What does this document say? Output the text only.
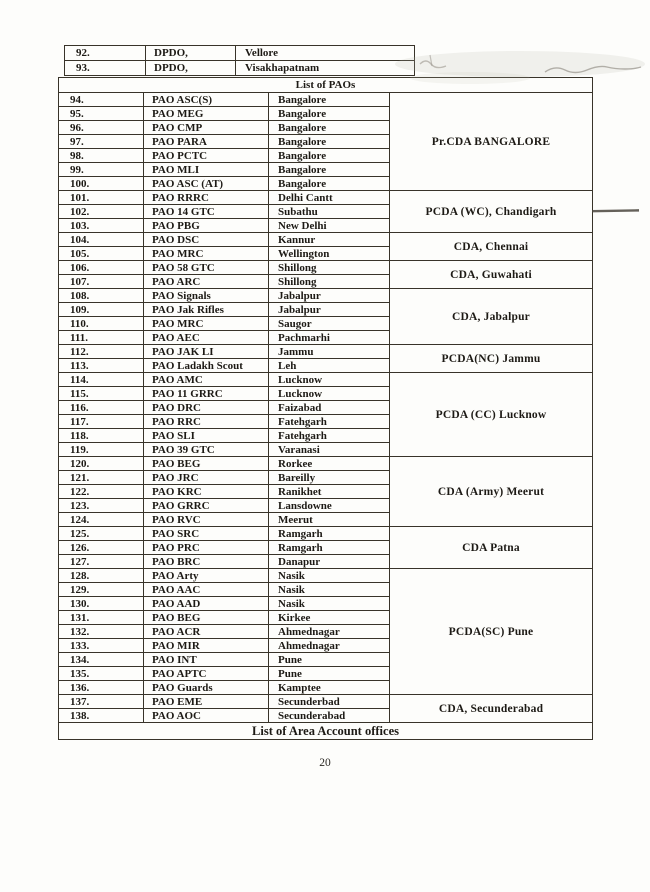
92.	DPDO,	Vellore
93.	DPDO,	Visakhapatnam
List of PAOs			
94.	PAO ASC(S)	Bangalore	Pr.CDA BANGALORE
95.	PAO MEG	Bangalore	
96.	PAO CMP	Bangalore	
97.	PAO PARA	Bangalore	
98.	PAO PCTC	Bangalore	
99.	PAO MLI	Bangalore	
100.	PAO ASC (AT)	Bangalore	
101.	PAO RRRC	Delhi Cantt	PCDA (WC), Chandigarh
102.	PAO 14 GTC	Subathu	
103.	PAO PBG	New Delhi	
104.	PAO DSC	Kannur	CDA, Chennai
105.	PAO MRC	Wellington	
106.	PAO 58 GTC	Shillong	CDA, Guwahati
107.	PAO ARC	Shillong	
108.	PAO Signals	Jabalpur	CDA, Jabalpur
109.	PAO Jak Rifles	Jabalpur	
110.	PAO MRC	Saugor	
111.	PAO AEC	Pachmarhi	
112.	PAO JAK LI	Jammu	PCDA(NC) Jammu
113.	PAO Ladakh Scout	Leh	
114.	PAO AMC	Lucknow	PCDA (CC) Lucknow
115.	PAO 11 GRRC	Lucknow	
116.	PAO DRC	Faizabad	
117.	PAO RRC	Fatehgarh	
118.	PAO SLI	Fatehgarh	
119.	PAO 39 GTC	Varanasi	
120.	PAO BEG	Rorkee	CDA (Army) Meerut
121.	PAO JRC	Bareilly	
122.	PAO KRC	Ranikhet	
123.	PAO GRRC	Lansdowne	
124.	PAO RVC	Meerut	
125.	PAO SRC	Ramgarh	CDA Patna
126.	PAO PRC	Ramgarh	
127.	PAO BRC	Danapur	
128.	PAO Arty	Nasik	PCDA(SC) Pune
129.	PAO AAC	Nasik	
130.	PAO AAD	Nasik	
131.	PAO BEG	Kirkee	
132.	PAO ACR	Ahmednagar	
133.	PAO MIR	Ahmednagar	
134.	PAO INT	Pune	
135.	PAO APTC	Pune	
136.	PAO Guards	Kamptee	
137.	PAO EME	Secunderbad	CDA, Secunderabad
138.	PAO AOC	Secunderabad	
List of Area Account offices			
20
